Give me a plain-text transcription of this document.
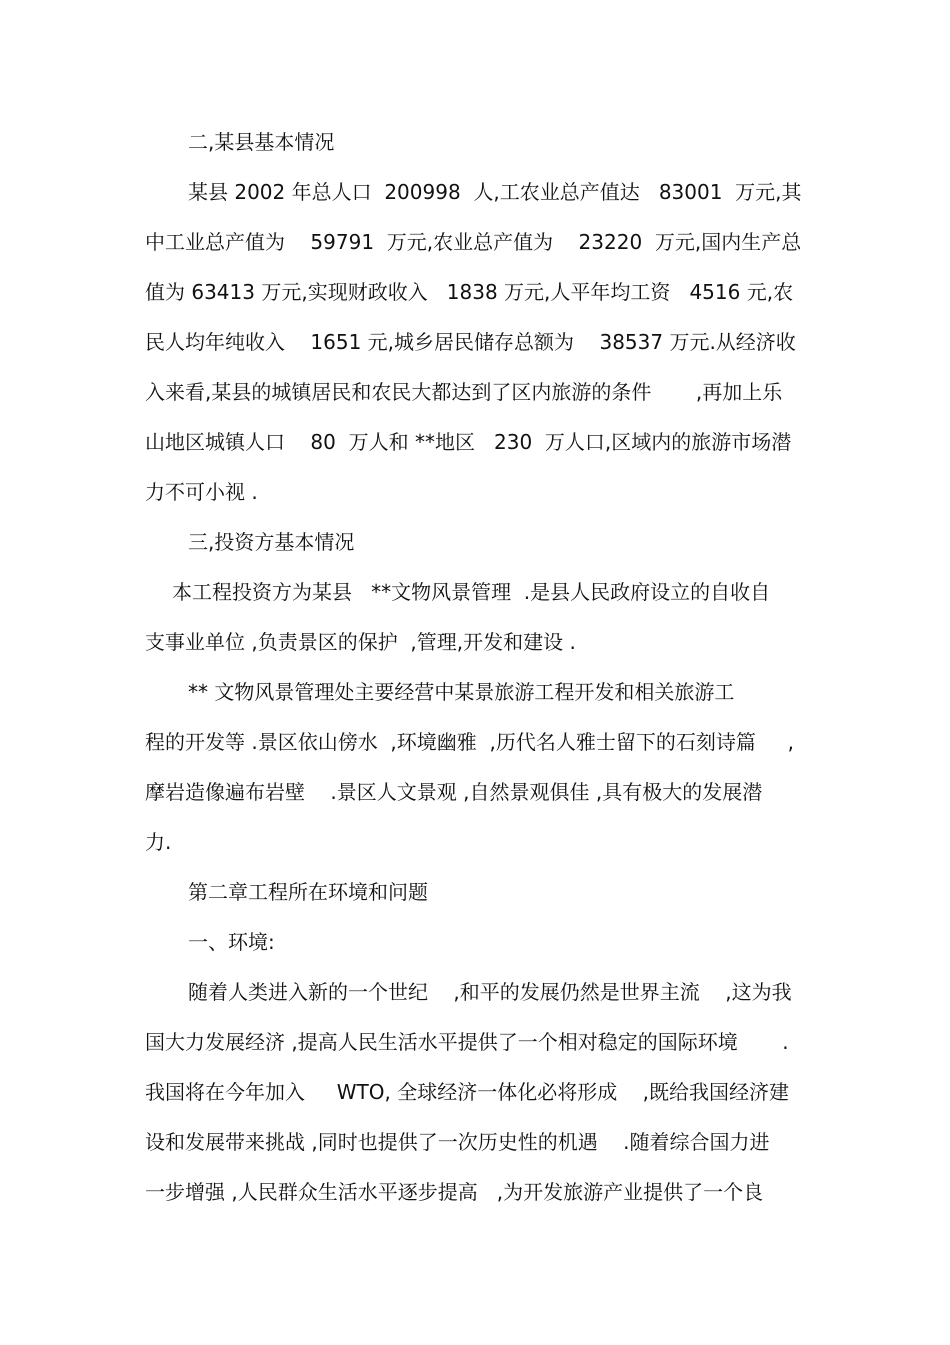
二,某县基本情况
某县 2002 年总人口  200998  人,工农业总产值达   83001  万元,其
中工业总产值为    59791  万元,农业总产值为    23220  万元,国内生产总
值为 63413 万元,实现财政收入   1838 万元,人平年均工资   4516 元,农
民人均年纯收入    1651 元,城乡居民储存总额为    38537 万元.从经济收
入来看,某县的城镇居民和农民大都达到了区内旅游的条件       ,再加上乐
山地区城镇人口    80  万人和 **地区   230  万人口,区域内的旅游市场潜
力不可小视 .
三,投资方基本情况
本工程投资方为某县   **文物风景管理  .是县人民政府设立的自收自
支事业单位 ,负责景区的保护  ,管理,开发和建设 .
** 文物风景管理处主要经营中某景旅游工程开发和相关旅游工
程的开发等 .景区依山傍水  ,环境幽雅  ,历代名人雅士留下的石刻诗篇     ,
摩岩造像遍布岩壁    .景区人文景观 ,自然景观俱佳 ,具有极大的发展潜
力.
第二章工程所在环境和问题
一、环境:
随着人类进入新的一个世纪    ,和平的发展仍然是世界主流    ,这为我
国大力发展经济 ,提高人民生活水平提供了一个相对稳定的国际环境       .
我国将在今年加入     WTO, 全球经济一体化必将形成    ,既给我国经济建
设和发展带来挑战 ,同时也提供了一次历史性的机遇    .随着综合国力进
一步增强 ,人民群众生活水平逐步提高   ,为开发旅游产业提供了一个良
